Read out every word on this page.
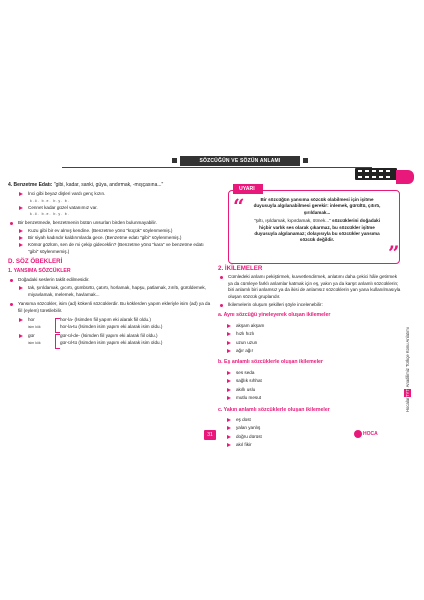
SÖZCÜĞÜN VE SÖZÜN ANLAMI
Hocalar TYT Anadilimiz Türkçe Konu Anlatımı
4. Benzetme Edatı: "gibi, kadar, sanki, güya, andırmak, -mışçasına..."
İnci gibi beyaz dişleri vardı genç kızın.
k.ö. b.e. b.y. b.
Cennet kadar güzel vatanımız var.
k.ö. b.e. b.y. b.
Bir benzetmede, benzetmenin bütün unsurları birden bulunmayabilir.
Kuzu gibi bir ev almış kendine. (Benzetme yönü "küçük" söylenmemiş.)
Bir siyah kadındır kaldırımlarda gece. (Benzetme edatı "gibi" söylenmemiş.)
Kömür gözlüm, sen de mi çekip gideceklin? (Benzetme yönü "kara" ve benzetme edatı "gibi" söylenmemiş.)
D. SÖZ ÖBEKLERİ
1. YANSIMA SÖZCÜKLER
Doğadaki seslerin taklit edilmesidir.
tak, şırıldamak, gıcırtı, gümbürtü, çatırtı, horlamak, hapşu, patlamak, zırıltı, gürüldemek, miyavlamak, melemek, havlamak...
Yansıma sözcükler, isim (ad) kökenli sözcüklerdir. Bu köklerden yapım ekleriyle isim (ad) ya da fiil (eylem) türetilebilir.
hor
isim kök
hor-la- (İsimden fiil yapım eki alarak fiil oldu.)
hor-la-tu (İsimden isim yapım eki alarak isim oldu.)
gür
isim kök
gür-ül-de- (İsimden fiil yapım eki alarak fiil oldu.)
gür-ül-tü (İsimden isim yapım eki alarak isim oldu.)
UYARI
“
”
Bir sözcüğün yansıma sözcük olabilmesi için işitme duyusuyla algılanabilmesi gerekir: inlemek, gürültü, çıtırtı, şırıldamak...
"şıltı, ışıldamak, kıpırdamak, ötmek..." sözcüklerini doğadaki hiçbir varlık ses olarak çıkarmaz, bu sözcükler işitme duyusuyla algılanamaz; dolayısıyla bu sözcükler yansıma sözcük değildir.
2. İKİLEMELER
Cümledeki anlamı pekiştirmek, kuvvetlendirmek, anlatımı daha çekici hâle getirmek ya da cümleye farklı anlamlar katmak için eş, yakın ya da karşıt anlamlı sözcüklerin; biri anlamlı biri anlamsız ya da ikisi de anlamsız sözcüklerin yan yana kullanılmasıyla oluşan sözcük gruplarıdır.
İkilemelerin oluşum şekilleri şöyle incelenebilir:
a. Aynı sözcüğü yineleyerek oluşan ikilemeler
akşam akşam
hızlı hızlı
uzun uzun
ağır ağır
b. Eş anlamlı sözcüklerle oluşan ikilemeler
ses seda
sağlık sıhhat
akıllı uslu
mutlu mesut
c. Yakın anlamlı sözcüklerle oluşan ikilemeler
eş dost
yalan yanlış
doğru dürüst
akıl fikir
31	HOCA
